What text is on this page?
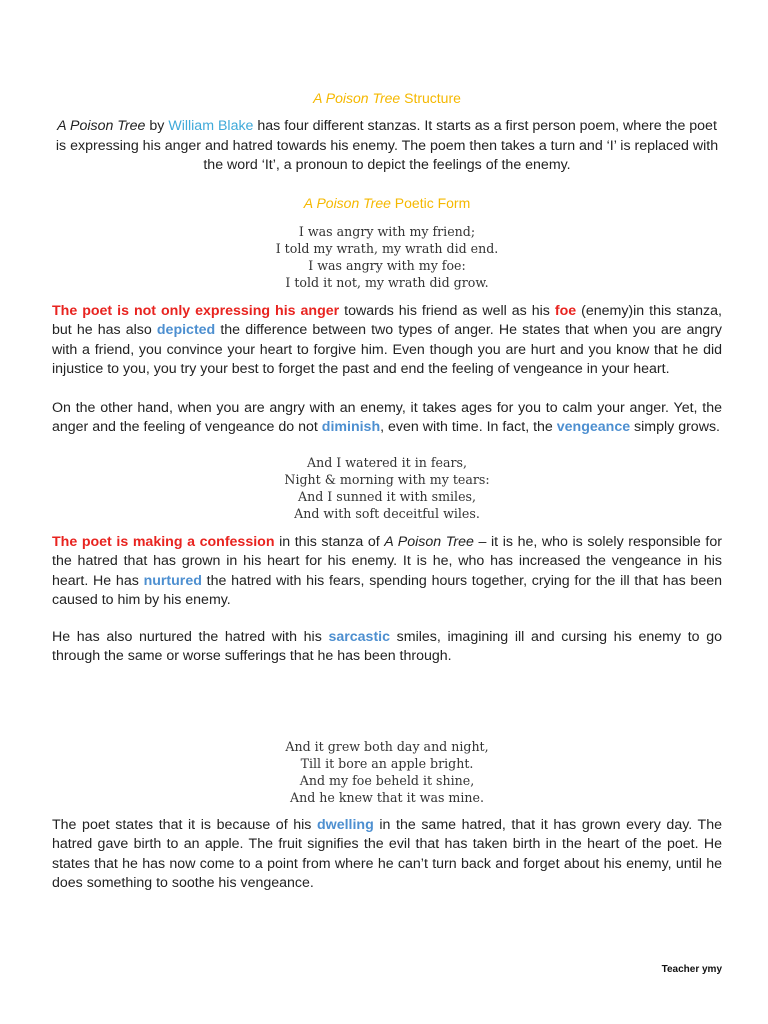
A Poison Tree Structure

A Poison Tree by William Blake has four different stanzas. It starts as a first person poem, where the poet is expressing his anger and hatred towards his enemy. The poem then takes a turn and ‘I’ is replaced with the word ‘It’, a pronoun to depict the feelings of the enemy.

A Poison Tree Poetic Form

I was angry with my friend;
I told my wrath, my wrath did end.
I was angry with my foe:
I told it not, my wrath did grow.

The poet is not only expressing his anger towards his friend as well as his foe (enemy)in this stanza, but he has also depicted the difference between two types of anger. He states that when you are angry with a friend, you convince your heart to forgive him. Even though you are hurt and you know that he did injustice to you, you try your best to forget the past and end the feeling of vengeance in your heart.

On the other hand, when you are angry with an enemy, it takes ages for you to calm your anger. Yet, the anger and the feeling of vengeance do not diminish, even with time. In fact, the vengeance simply grows.

And I watered it in fears,
Night & morning with my tears:
And I sunned it with smiles,
And with soft deceitful wiles.

The poet is making a confession in this stanza of A Poison Tree – it is he, who is solely responsible for the hatred that has grown in his heart for his enemy. It is he, who has increased the vengeance in his heart. He has nurtured the hatred with his fears, spending hours together, crying for the ill that has been caused to him by his enemy.

He has also nurtured the hatred with his sarcastic smiles, imagining ill and cursing his enemy to go through the same or worse sufferings that he has been through.

And it grew both day and night,
Till it bore an apple bright.
And my foe beheld it shine,
And he knew that it was mine.

The poet states that it is because of his dwelling in the same hatred, that it has grown every day. The hatred gave birth to an apple. The fruit signifies the evil that has taken birth in the heart of the poet. He states that he has now come to a point from where he can’t turn back and forget about his enemy, until he does something to soothe his vengeance.

Teacher ymy
